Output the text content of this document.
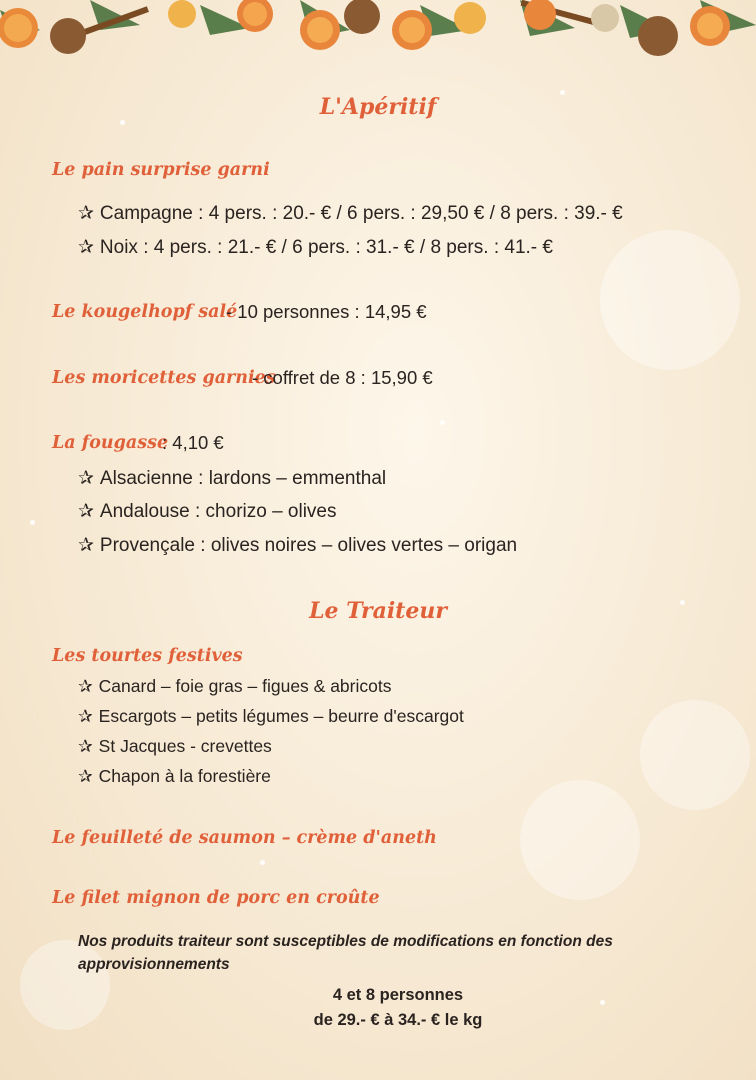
L'Apéritif
Le pain surprise garni
✰ Campagne : 4 pers. : 20.- € / 6 pers. : 29,50 € / 8 pers. : 39.- €
✰ Noix : 4 pers. : 21.- € / 6 pers. : 31.- € / 8 pers. : 41.- €
Le kougelhopf salé
- 10 personnes : 14,95 €
Les moricettes garnies
- coffret de 8 : 15,90 €
La fougasse
: 4,10 €
✰ Alsacienne : lardons – emmenthal
✰ Andalouse : chorizo – olives
✰ Provençale : olives noires – olives vertes – origan
Le Traiteur
Les tourtes festives
✰ Canard – foie gras – figues & abricots
✰ Escargots – petits légumes – beurre d'escargot
✰ St Jacques - crevettes
✰ Chapon à la forestière
Le feuilleté de saumon – crème d'aneth
Le filet mignon de porc en croûte
Nos produits traiteur sont susceptibles de modifications en fonction des approvisionnements
4 et 8 personnes
de 29.- € à 34.- € le kg
